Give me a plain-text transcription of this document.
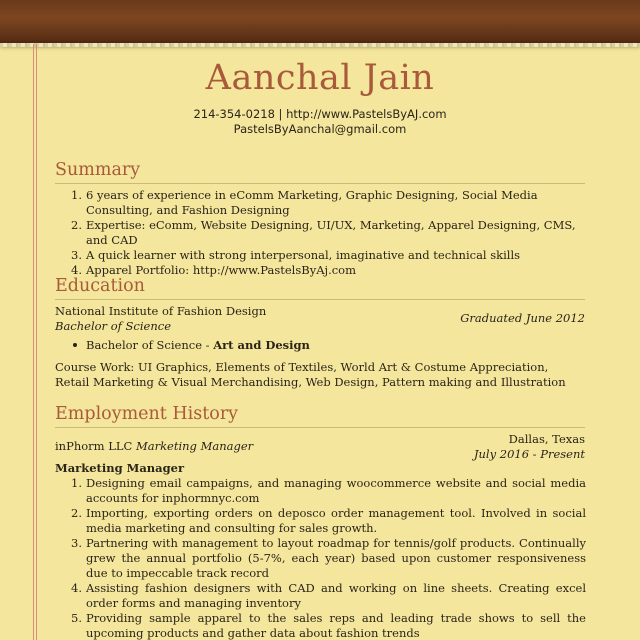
Aanchal Jain
214-354-0218 | http://www.PastelsByAJ.com
PastelsByAanchal@gmail.com
Summary
1. 6 years of experience in eComm Marketing, Graphic Designing, Social Media Consulting, and Fashion Designing
2. Expertise: eComm, Website Designing, UI/UX, Marketing, Apparel Designing, CMS, and CAD
3. A quick learner with strong interpersonal, imaginative and technical skills
4. Apparel Portfolio: http://www.PastelsByAj.com
Education
National Institute of Fashion Design
Bachelor of Science
Graduated June 2012
Bachelor of Science - Art and Design
Course Work: UI Graphics, Elements of Textiles, World Art & Costume Appreciation, Retail Marketing & Visual Merchandising, Web Design, Pattern making and Illustration
Employment History
inPhorm LLC Marketing Manager	Dallas, Texas
July 2016 - Present
Marketing Manager
1. Designing email campaigns, and managing woocommerce website and social media accounts for inphormnyc.com
2. Importing, exporting orders on deposco order management tool. Involved in social media marketing and consulting for sales growth.
3. Partnering with management to layout roadmap for tennis/golf products. Continually grew the annual portfolio (5-7%, each year) based upon customer responsiveness due to impeccable track record
4. Assisting fashion designers with CAD and working on line sheets. Creating excel order forms and managing inventory
5. Providing sample apparel to the sales reps and leading trade shows to sell the upcoming products and gather data about fashion trends
